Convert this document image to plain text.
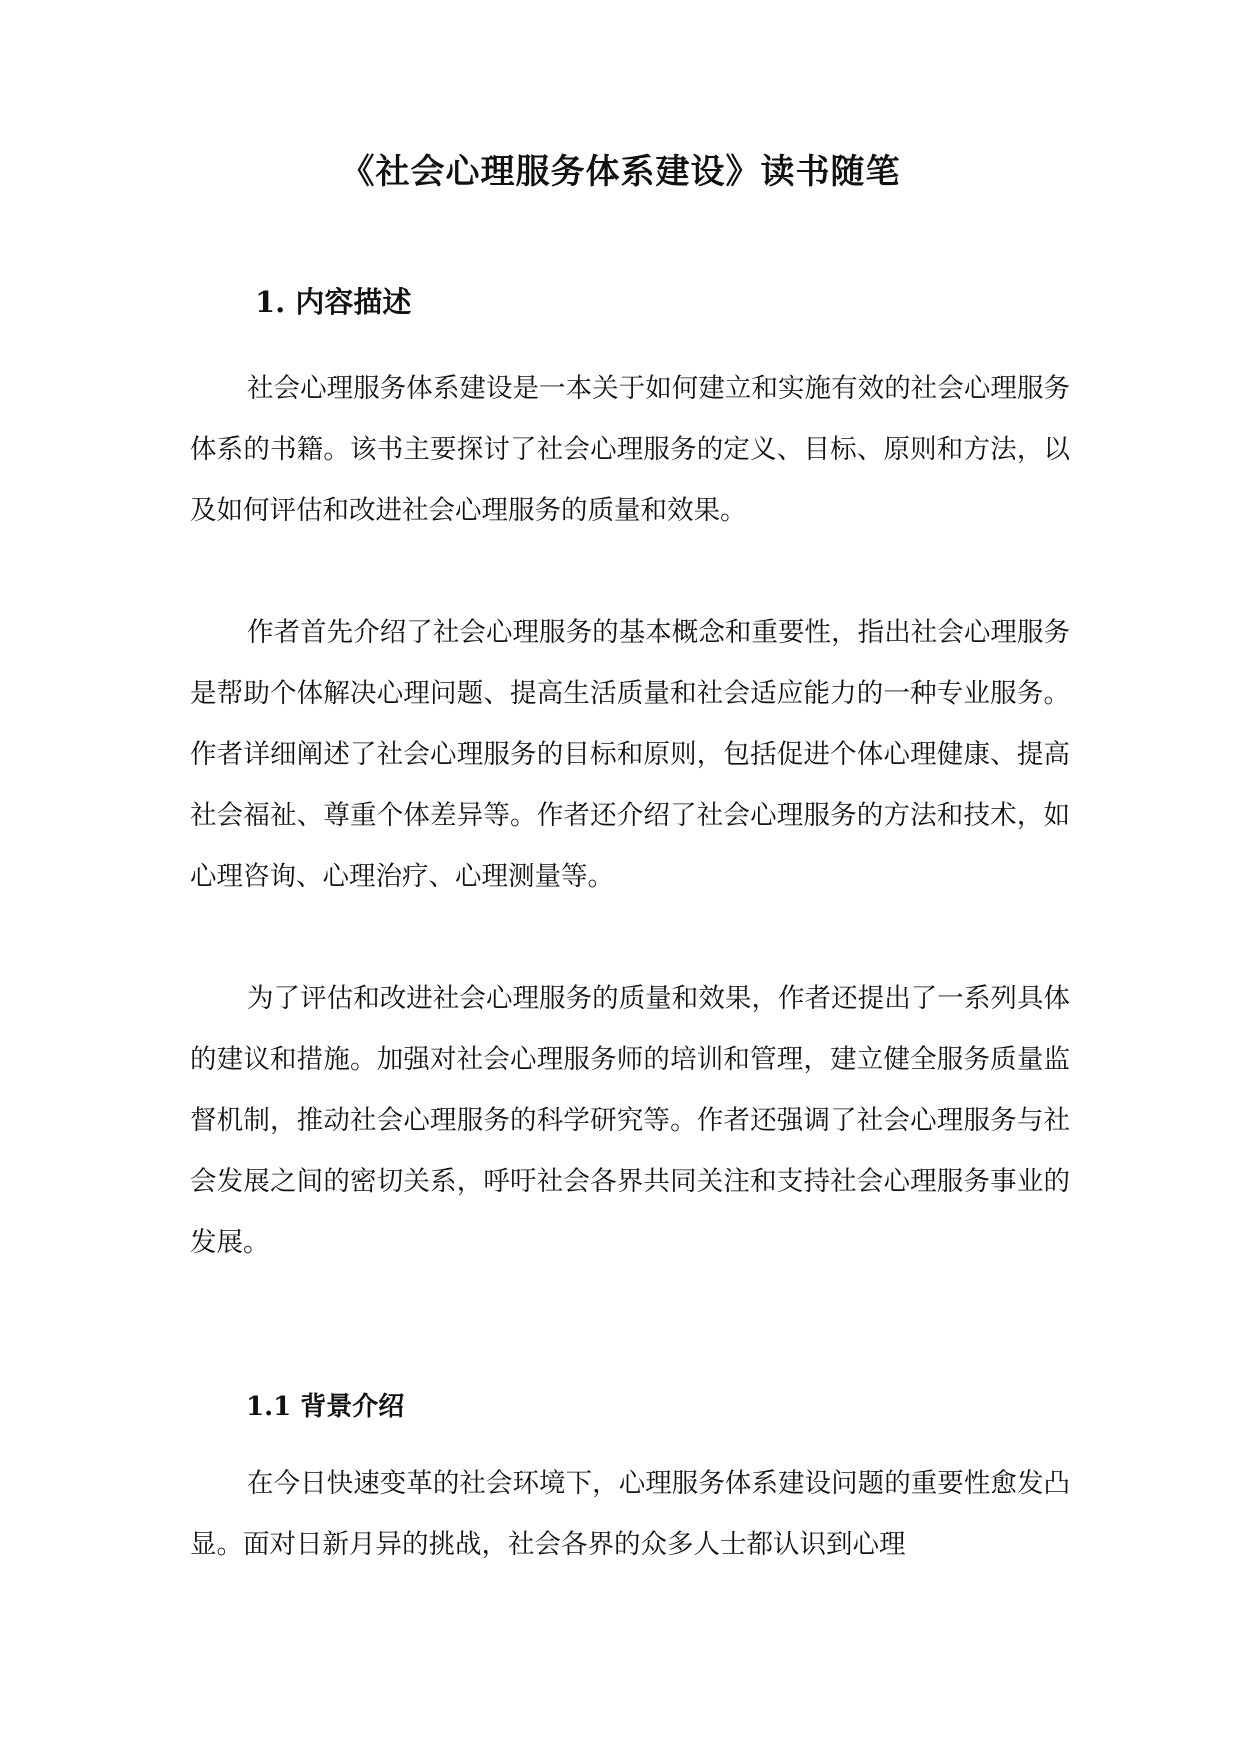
《社会心理服务体系建设》读书随笔
1. 内容描述

社会心理服务体系建设是一本关于如何建立和实施有效的社会心理服务体系的书籍。该书主要探讨了社会心理服务的定义、目标、原则和方法，以及如何评估和改进社会心理服务的质量和效果。

作者首先介绍了社会心理服务的基本概念和重要性，指出社会心理服务是帮助个体解决心理问题、提高生活质量和社会适应能力的一种专业服务。作者详细阐述了社会心理服务的目标和原则，包括促进个体心理健康、提高社会福祉、尊重个体差异等。作者还介绍了社会心理服务的方法和技术，如心理咨询、心理治疗、心理测量等。

为了评估和改进社会心理服务的质量和效果，作者还提出了一系列具体的建议和措施。加强对社会心理服务师的培训和管理，建立健全服务质量监督机制，推动社会心理服务的科学研究等。作者还强调了社会心理服务与社会发展之间的密切关系，呼吁社会各界共同关注和支持社会心理服务事业的发展。

1.1 背景介绍

在今日快速变革的社会环境下，心理服务体系建设问题的重要性愈发凸显。面对日新月异的挑战，社会各界的众多人士都认识到心理
